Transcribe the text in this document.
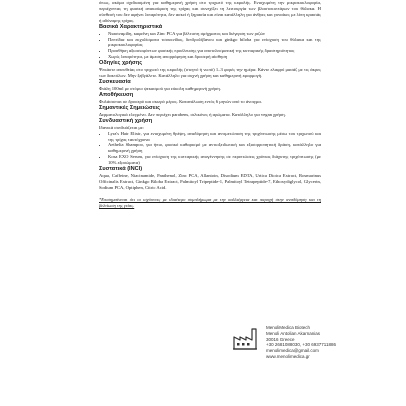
όπως, ακόμα σχεδιασμένη για καθημερινή χρήση στο τριχωτό της κεφαλής. Ενισχυμένη την μικροκυκλοφορία, περιέχοντας τη φυσική ανακούφιση της τρίχας και συνεχίζει τη λειτουργία των βλαστοκυττάρων του θύλακα. Η σύνθεσή του δεν αφήνει λιπαρότητα, δεν ασκεί ή ξηρασία και είναι κατάλληλη για άνθρες και γυναίκες με λίπη κρασιάς ή αδύναμης τρίχας.

Βασικά Χαρακτηριστικά

• Νιασιναμίδη, καφεΐνη και Zinc PCA για βέλτιστη σμήχματος και διέγερση των ριζών
• Πεπτίδια και εκχυλίσματα τσουκνίδας, δενδρολίβανου και ginkgo biloba για ενίσχυση του θύλακα και της μικροκυκλοφορίας
• Προσθήκη αξιοσιοφόντων φυσικής προέλευσης για αποτελεσματική της κυτταρικής δραστηριότητας
• Χωρίς λιπαρότητα, με άμεση απορρόφηση και δροσερή αίσθηση

Οδηγίες χρήσης

Ψεκάστε απευθείας στο τριχωτό της κεφαλής (στεγνό ή νωπό) 1–3 φορές την ημέρα. Κάντε ελαφρύ μασάζ με τις άκρες των δακτύλων. Μην ξεβγάλετε. Κατάλληλο για συχνή χρήση και καθημερινή εφαρμογή.

Συσκευασία

Φιάλη 100ml με στόμιο ψεκασμού για εύκολη καθημερινή χρήση.

Αποθήκευση

Φυλάσσεται σε δροσερό και σκιερό μέρος. Κατανάλωση εντός 6 μηνών από το άνοιγμα.

Σημαντικές Σημειώσεις

Δερματολογικά ελεγμένο. Δεν περιέχει parabens, σιλικόνες ή αρώματα. Κατάλληλο για vegan χρήση.

Συνδυαστική χρήση

Ιδανικά συνδυάζεται με:

• Lyra's Hair Elixir, για ενισχυμένη θρέψη, αναδόμηση και αντιμετώπιση της τριχόπτωσης μέσω του τριχωτού και της τρίχας ταυτόχρονα
• Aethelia Shampoo, για ήπιο, φυσικό καθαρισμό με αντιοξειδωτική και εξισορροπητική δράση, κατάλληλο για καθημερινή χρήση
• Kosa EXO Serum, για ενίσχυση της κυτταρικής αναγέννησης σε περιπτώσεις χρόνιας διάχυτης τριχόπτωσης (με 10% εξοσώματα)

Συστατικά (INCI)

Aqua, Caffeine, Niacinamide, Panthenol, Zinc PCA, Allantoin, Disodium EDTA, Urtica Dioica Extract, Rosmarinus Officinalis Extract, Ginkgo Biloba Extract, Palmitoyl Tripeptide-1, Palmitoyl Tetrapeptide-7, Ethoxydiglycol, Glycerin, Sodium PCA, Optiphen, Citric Acid.

*Επισημαίνεται ότι οι ισχύοντες με ιδιαίτερο συμπλήρωμα με την καλλιέργεια και παροχή στην αναδόμηση και τη βελτίωση της γείας.

MenoliMedica Biotech
Menoli Antolian Akarnanias
30016 Greece
+30 2681088030, +30 6937711886
menolimedica@gmail.com
www.menolimedica.gr
